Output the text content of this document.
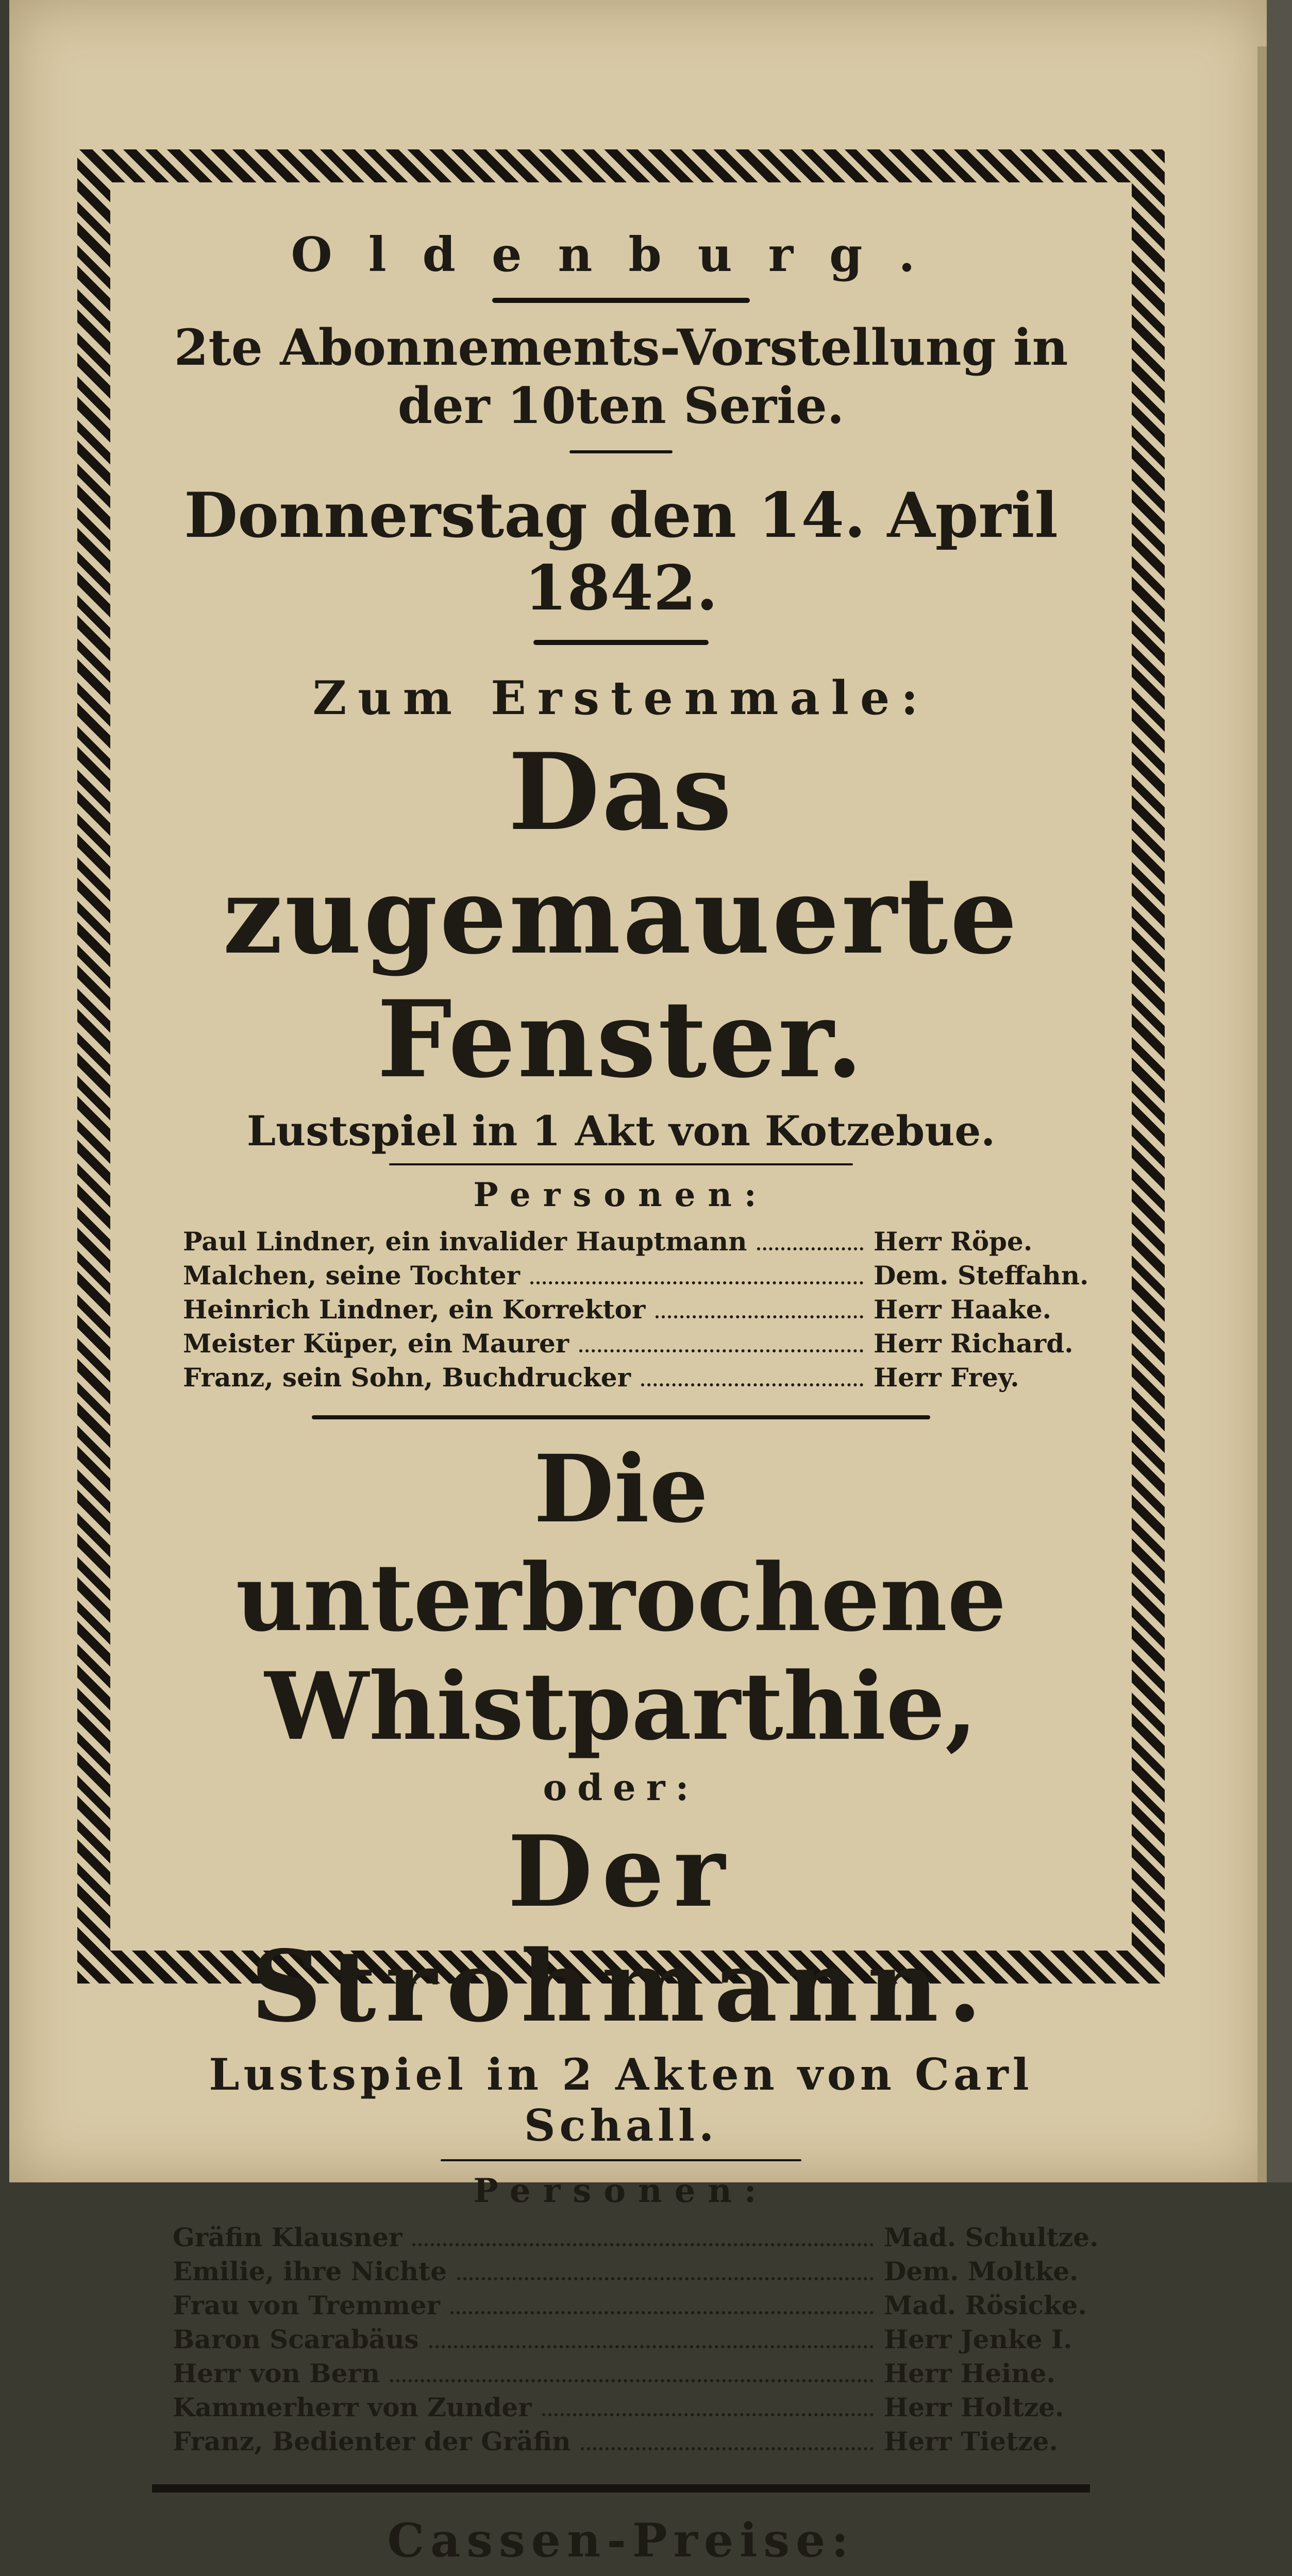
Oldenburg.
2te Abonnements-Vorstellung in der 10ten Serie.
Donnerstag den 14. April 1842.
Zum Erstenmale:
Das zugemauerte Fenster.
Lustspiel in 1 Akt von Kotzebue.
Personen:
Paul Lindner, ein invalider Hauptmann	Herr Röpe.
Malchen, seine Tochter	Dem. Steffahn.
Heinrich Lindner, ein Korrektor	Herr Haake.
Meister Küper, ein Maurer	Herr Richard.
Franz, sein Sohn, Buchdrucker	Herr Frey.
Die unterbrochene Whistparthie,
oder:
Der Strohmann.
Lustspiel in 2 Akten von Carl Schall.
Personen:
Gräfin Klausner	Mad. Schultze.
Emilie, ihre Nichte	Dem. Moltke.
Frau von Tremmer	Mad. Rösicke.
Baron Scarabäus	Herr Jenke I.
Herr von Bern	Herr Heine.
Kammerherr von Zunder	Herr Holtze.
Franz, Bedienter der Gräfin	Herr Tietze.
Cassen-Preise:
